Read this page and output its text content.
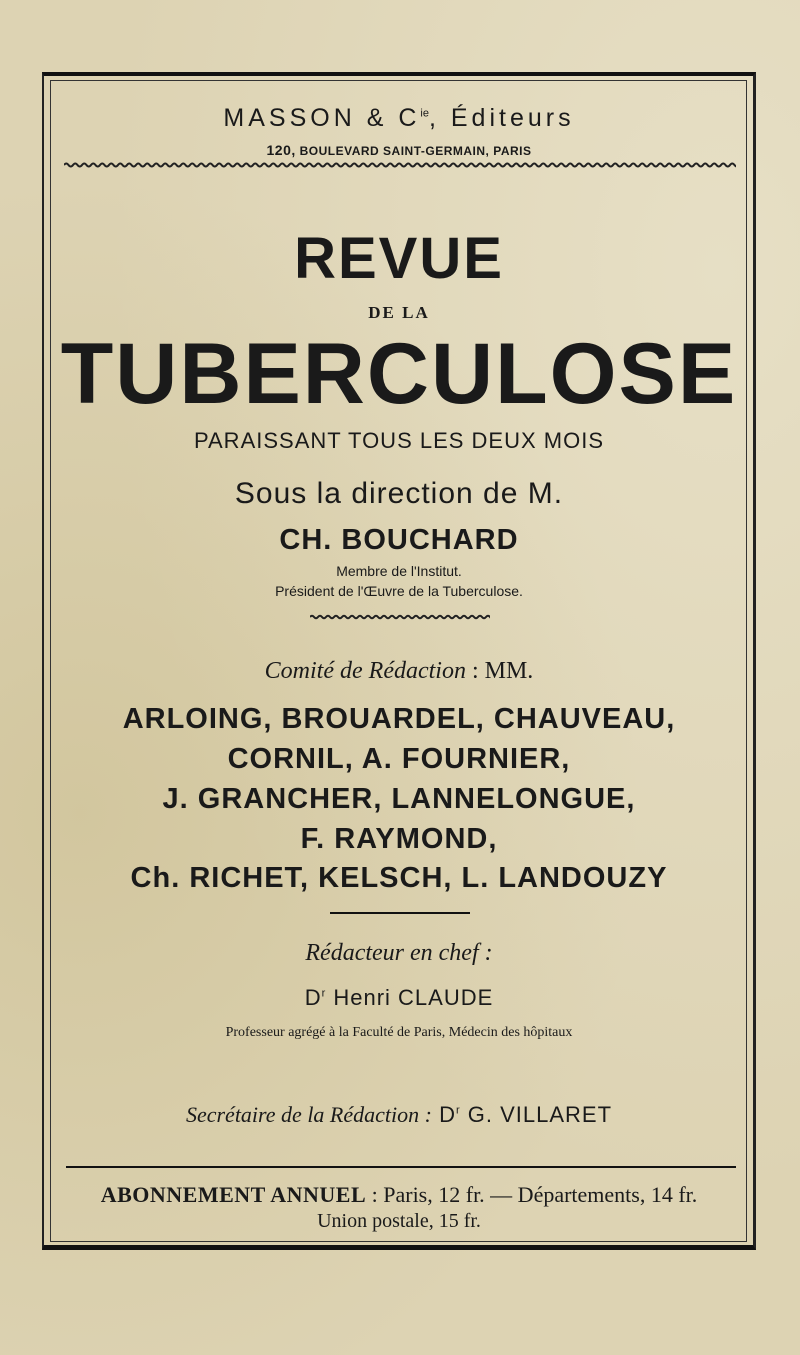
MASSON & $C^{ie}$, Éditeurs
120, BOULEVARD SAINT-GERMAIN, PARIS
REVUE
DE LA
TUBERCULOSE
PARAISSANT TOUS LES DEUX MOIS
Sous la direction de M.
CH. BOUCHARD
Membre de l'Institut.
Président de l'Œuvre de la Tuberculose.
Comité de Rédaction : MM.
ARLOING, BROUARDEL, CHAUVEAU,
CORNIL, A. FOURNIER,
J. GRANCHER, LANNELONGUE,
F. RAYMOND,
Ch. RICHET, KELSCH, L. LANDOUZY
Rédacteur en chef :
$D^r$ Henri CLAUDE
Professeur agrégé à la Faculté de Paris, Médecin des hôpitaux
Secrétaire de la Rédaction : $D^r$ G. VILLARET
ABONNEMENT ANNUEL : Paris, 12 fr. — Départements, 14 fr.
Union postale, 15 fr.
